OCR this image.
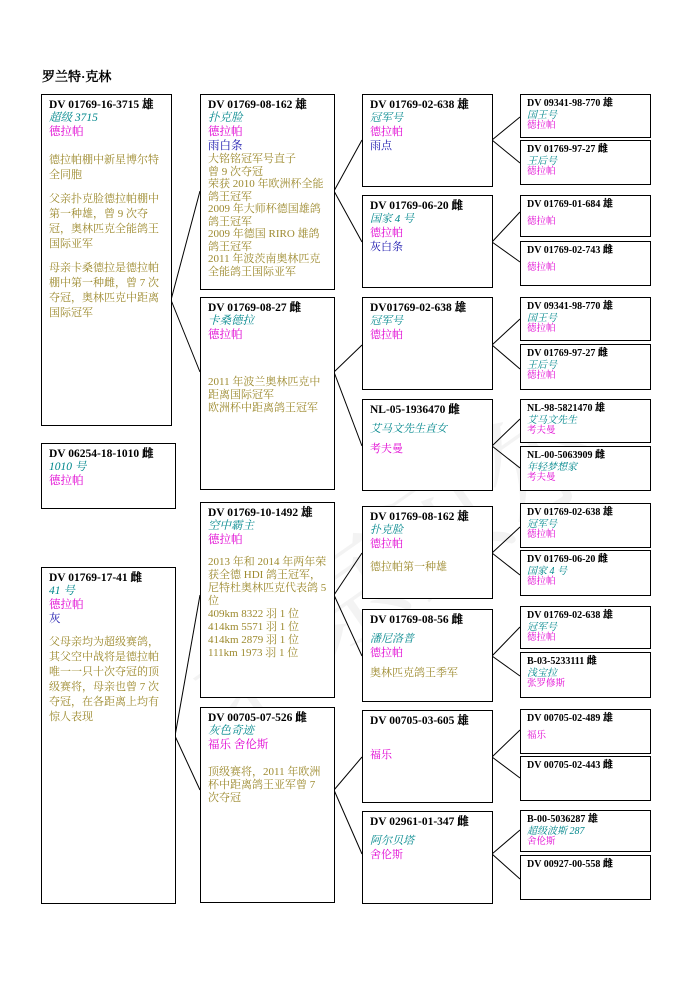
罗兰特·克林
DV 01769-16-3715 雄
超级 3715
德拉帕
德拉帕棚中新星博尔特全同胞
父亲扑克脸德拉帕棚中第一种雄，曾 9 次夺冠，奥林匹克全能鸽王国际亚军
母亲卡桑德拉是德拉帕棚中第一种雌，曾 7 次夺冠，奥林匹克中距离国际冠军
DV 06254-18-1010 雌
1010 号
德拉帕
DV 01769-17-41 雌
41 号
德拉帕
灰
父母亲均为超级赛鸽，其父空中战将是德拉帕唯一一只十次夺冠的顶级赛将，母亲也曾 7 次夺冠，在各距离上均有惊人表现
DV 01769-08-162 雄
扑克脸
德拉帕
雨白条
大铭铭冠军号直子
曾 9 次夺冠
荣获 2010 年欧洲杯全能鸽王冠军
2009 年大师杯德国雄鸽鸽王冠军
2009 年德国 RIRO 雄鸽鸽王冠军
2011 年波茨南奥林匹克全能鸽王国际亚军
DV 01769-08-27 雌
卡桑德拉
德拉帕
2011 年波兰奥林匹克中距离国际冠军
欧洲杯中距离鸽王冠军
DV 01769-10-1492 雄
空中霸主
德拉帕
2013 年和 2014 年两年荣获全德 HDI 鸽王冠军，尼特杜奥林匹克代表鸽 5 位
409km 8322 羽 1 位
414km 5571 羽 1 位
414km 2879 羽 1 位
111km 1973 羽 1 位
DV 00705-07-526 雌
灰色奇迹
福乐 舍伦斯
顶级赛将，2011 年欧洲杯中距离鸽王亚军曾 7 次夺冠
DV 01769-02-638 雄
冠军号
德拉帕
雨点
DV 01769-06-20 雌
国家 4 号
德拉帕
灰白条
DV01769-02-638 雄
冠军号
德拉帕
NL-05-1936470 雌
艾马文先生直女
考夫曼
DV 01769-08-162 雄
扑克脸
德拉帕
德拉帕第一种雄
DV 01769-08-56 雌
潘尼洛普
德拉帕
奥林匹克鸽王季军
DV 00705-03-605 雄
福乐
DV 02961-01-347 雌
阿尔贝塔
舍伦斯
DV 09341-98-770 雄
国王号
德拉帕
DV 01769-97-27 雌
王后号
德拉帕
DV 01769-01-684 雄
德拉帕
DV 01769-02-743 雌
德拉帕
DV 09341-98-770 雄
国王号
德拉帕
DV 01769-97-27 雌
王后号
德拉帕
NL-98-5821470 雄
艾马文先生
考夫曼
NL-00-5063909 雌
年轻梦想家
考夫曼
DV 01769-02-638 雄
冠军号
德拉帕
DV 01769-06-20 雌
国家 4 号
德拉帕
DV 01769-02-638 雄
冠军号
德拉帕
B-03-5233111 雌
浅宝拉
张罗修斯
DV 00705-02-489 雄
福乐
DV 00705-02-443 雌
B-00-5036287 雄
超级波斯 287
舍伦斯
DV 00927-00-558 雌
